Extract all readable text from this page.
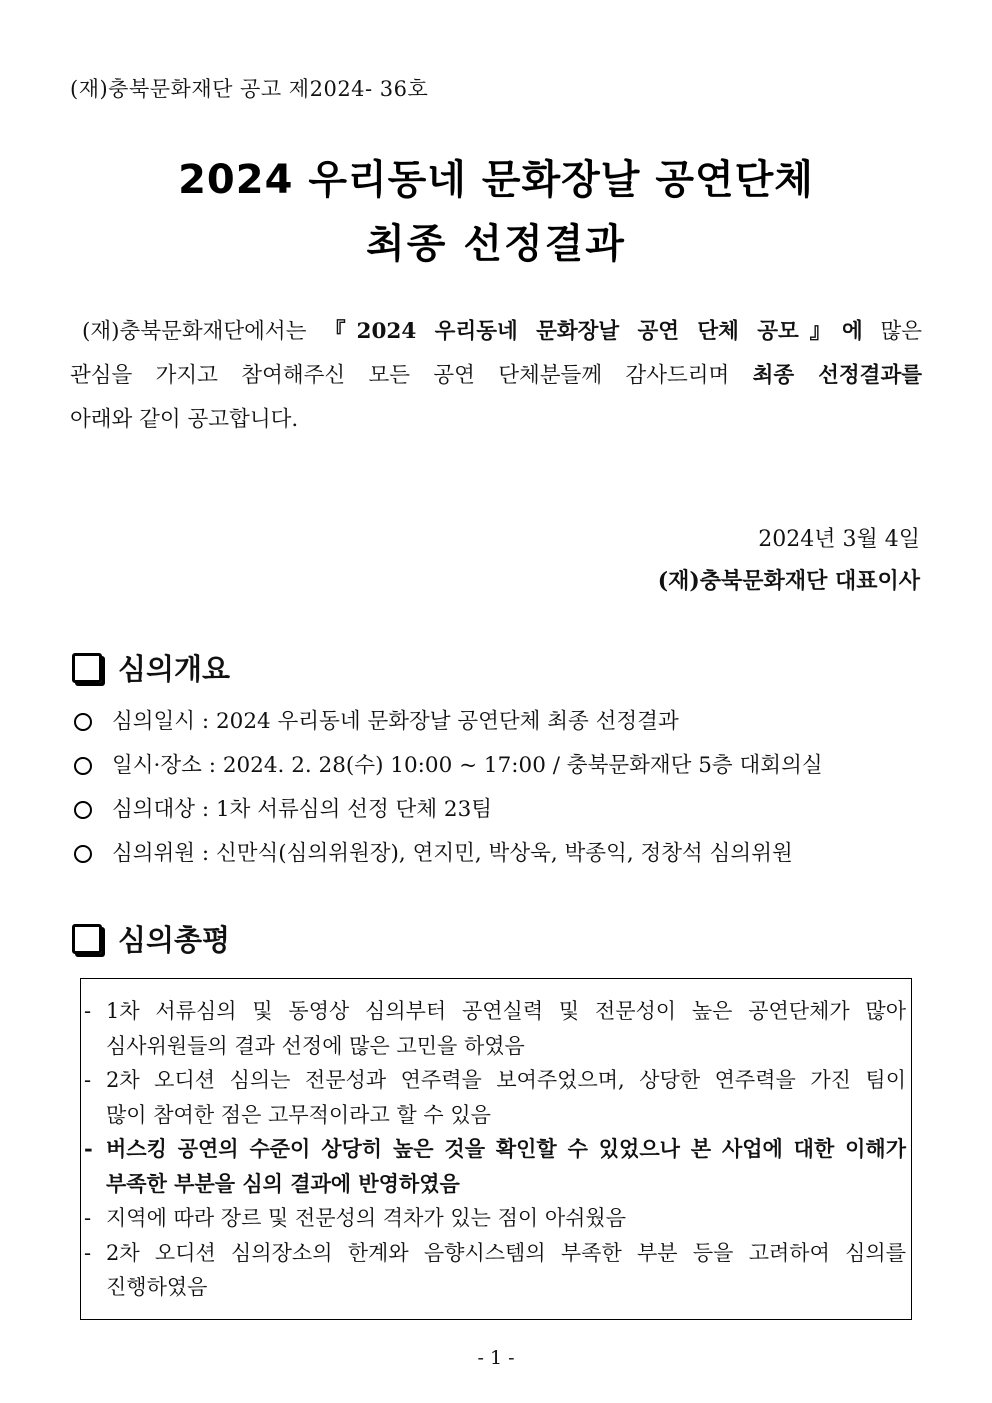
(재)충북문화재단 공고 제2024- 36호
2024 우리동네 문화장날 공연단체
최종 선정결과
(재)충북문화재단에서는 『2024 우리동네 문화장날 공연 단체 공모』에 많은
관심을 가지고 참여해주신 모든 공연 단체분들께 감사드리며 최종 선정결과를
아래와 같이 공고합니다.
2024년 3월 4일
(재)충북문화재단 대표이사
심의개요
심의일시 : 2024 우리동네 문화장날 공연단체 최종 선정결과
일시·장소 : 2024. 2. 28(수) 10:00 ~ 17:00 / 충북문화재단 5층 대회의실
심의대상 : 1차 서류심의 선정 단체 23팀
심의위원 : 신만식(심의위원장), 연지민, 박상욱, 박종익, 정창석 심의위원
심의총평
- 1차 서류심의 및 동영상 심의부터 공연실력 및 전문성이 높은 공연단체가 많아
심사위원들의 결과 선정에 많은 고민을 하였음
- 2차 오디션 심의는 전문성과 연주력을 보여주었으며, 상당한 연주력을 가진 팀이
많이 참여한 점은 고무적이라고 할 수 있음
- 버스킹 공연의 수준이 상당히 높은 것을 확인할 수 있었으나 본 사업에 대한 이해가
부족한 부분을 심의 결과에 반영하였음
- 지역에 따라 장르 및 전문성의 격차가 있는 점이 아쉬웠음
- 2차 오디션 심의장소의 한계와 음향시스템의 부족한 부분 등을 고려하여 심의를
진행하였음
- 1 -
